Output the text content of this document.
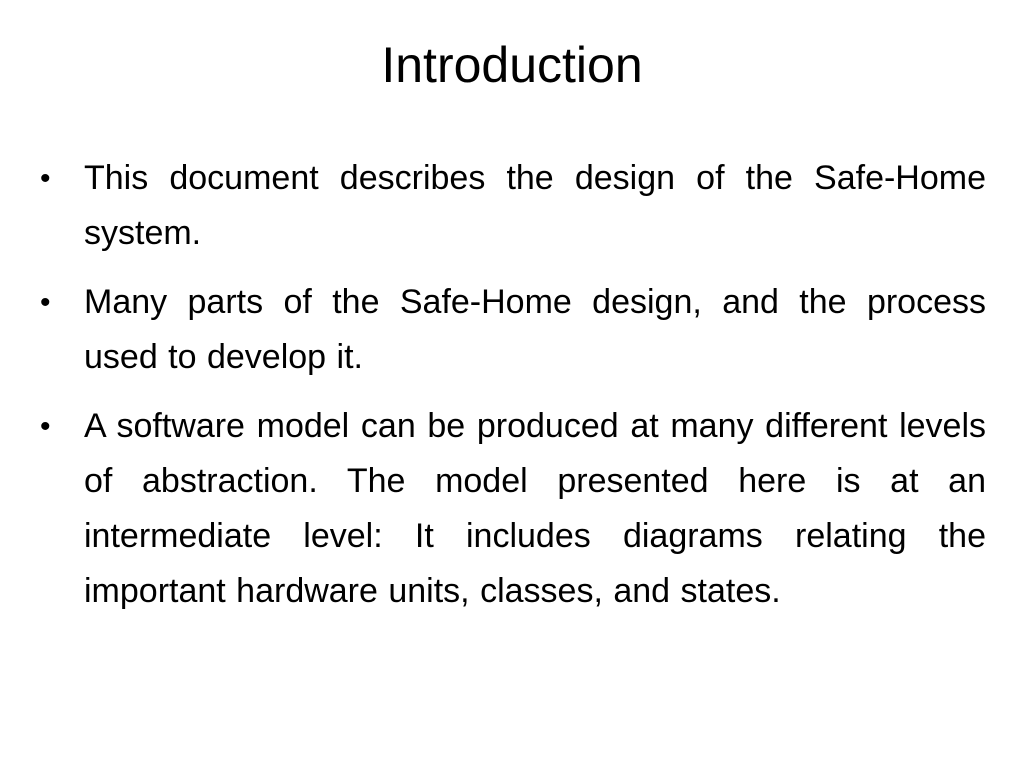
Introduction
• This document describes the design of the Safe-Home system.
• Many parts of the Safe-Home design, and the process used to develop it.
• A software model can be produced at many different levels of abstraction. The model presented here is at an intermediate level: It includes diagrams relating the important hardware units, classes, and states.
